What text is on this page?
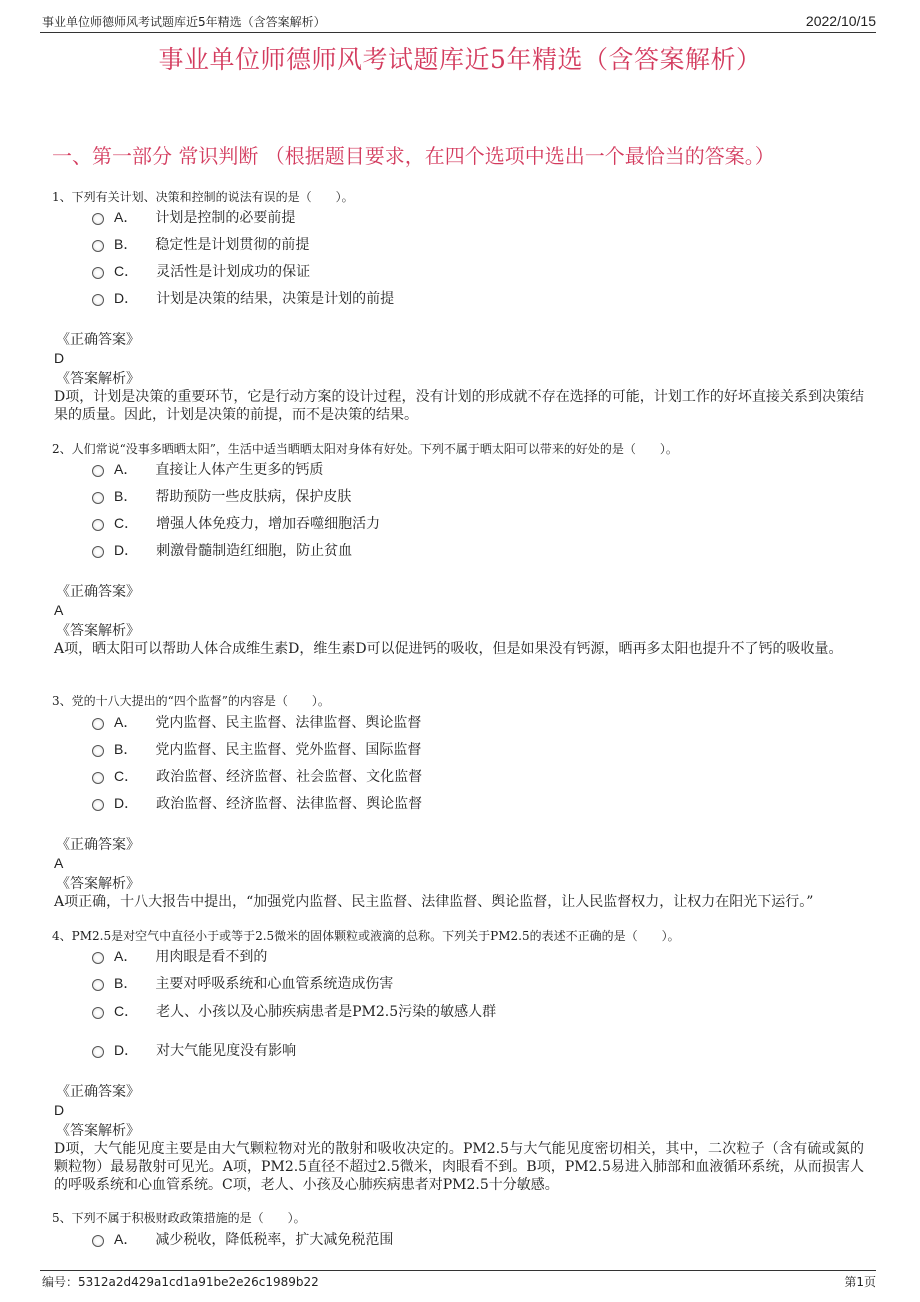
事业单位师德师风考试题库近5年精选（含答案解析）	2022/10/15
事业单位师德师风考试题库近5年精选（含答案解析）
一、第一部分 常识判断 （根据题目要求，在四个选项中选出一个最恰当的答案。）
1、下列有关计划、决策和控制的说法有误的是（　　）。
A． 计划是控制的必要前提
B． 稳定性是计划贯彻的前提
C． 灵活性是计划成功的保证
D． 计划是决策的结果，决策是计划的前提
《正确答案》
D
《答案解析》
D项，计划是决策的重要环节，它是行动方案的设计过程，没有计划的形成就不存在选择的可能，计划工作的好坏直接关系到决策结果的质量。因此，计划是决策的前提，而不是决策的结果。
2、人们常说“没事多晒晒太阳”，生活中适当晒晒太阳对身体有好处。下列不属于晒太阳可以带来的好处的是（　　）。
A． 直接让人体产生更多的钙质
B． 帮助预防一些皮肤病，保护皮肤
C． 增强人体免疫力，增加吞噬细胞活力
D． 刺激骨髓制造红细胞，防止贫血
《正确答案》
A
《答案解析》
A项，晒太阳可以帮助人体合成维生素D，维生素D可以促进钙的吸收，但是如果没有钙源，晒再多太阳也提升不了钙的吸收量。
3、党的十八大提出的“四个监督”的内容是（　　）。
A． 党内监督、民主监督、法律监督、舆论监督
B． 党内监督、民主监督、党外监督、国际监督
C． 政治监督、经济监督、社会监督、文化监督
D． 政治监督、经济监督、法律监督、舆论监督
《正确答案》
A
《答案解析》
A项正确，十八大报告中提出，“加强党内监督、民主监督、法律监督、舆论监督，让人民监督权力，让权力在阳光下运行。”
4、PM2.5是对空气中直径小于或等于2.5微米的固体颗粒或液滴的总称。下列关于PM2.5的表述不正确的是（　　）。
A． 用肉眼是看不到的
B． 主要对呼吸系统和心血管系统造成伤害
C． 老人、小孩以及心肺疾病患者是PM2.5污染的敏感人群
D． 对大气能见度没有影响
《正确答案》
D
《答案解析》
D项，大气能见度主要是由大气颗粒物对光的散射和吸收决定的。PM2.5与大气能见度密切相关，其中，二次粒子（含有硫或氮的颗粒物）最易散射可见光。A项，PM2.5直径不超过2.5微米，肉眼看不到。B项，PM2.5易进入肺部和血液循环系统，从而损害人的呼吸系统和心血管系统。C项，老人、小孩及心肺疾病患者对PM2.5十分敏感。
5、下列不属于积极财政政策措施的是（　　）。
A． 减少税收，降低税率，扩大减免税范围
编号：5312a2d429a1cd1a91be2e26c1989b22	第1页
